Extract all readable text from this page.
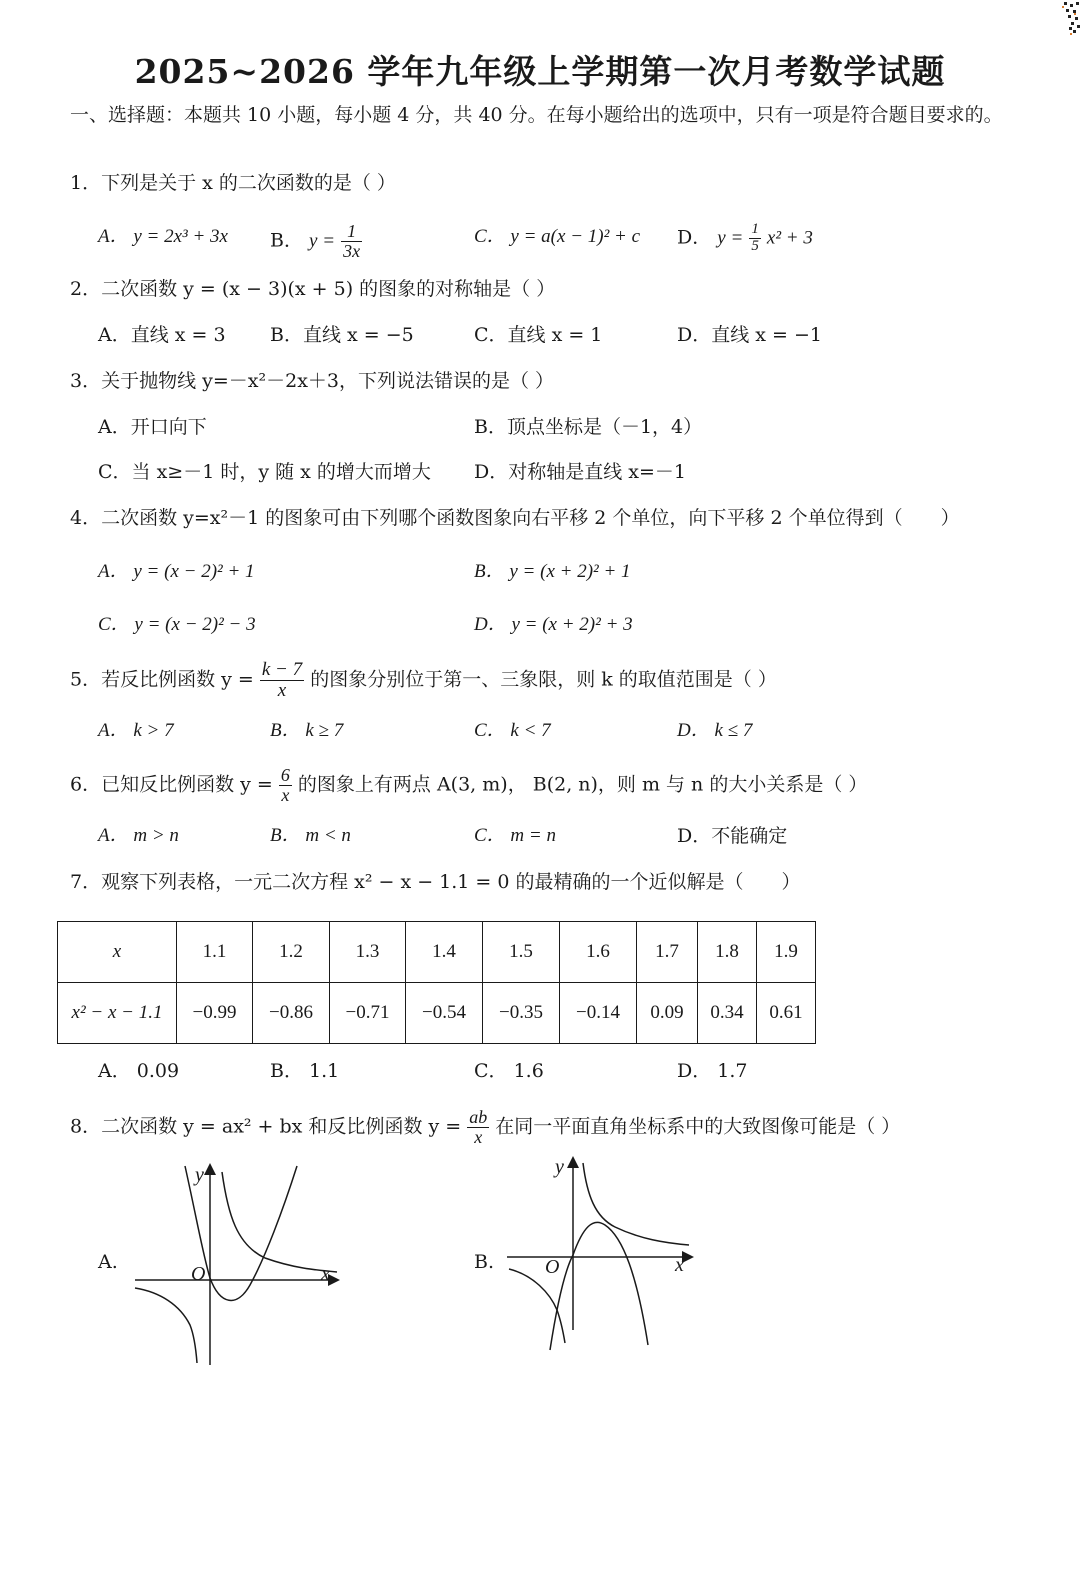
2025~2026 学年九年级上学期第一次月考数学试题
一、选择题：本题共 10 小题，每小题 4 分，共 40 分。在每小题给出的选项中，只有一项是符合题目要求的。
1．下列是关于 x 的二次函数的是（ ）
A． y = 2x³ + 3x B． $y = \frac{1}{3x}$	C． y = a(x − 1)² + c D． $y = \frac{1}{5} x^2 + 3$
2．二次函数 y = (x − 3)(x + 5) 的图象的对称轴是（ ）
A．直线 x = 3 B．直线 x = −5	C．直线 x = 1	D．直线 x = −1
3．关于抛物线 y=－x²－2x＋3，下列说法错误的是（ ）
A．开口向下	B．顶点坐标是（－1，4）
C．当 x≥－1 时，y 随 x 的增大而增大 D．对称轴是直线 x=－1
4．二次函数 y=x²－1 的图象可由下列哪个函数图象向右平移 2 个单位，向下平移 2 个单位得到（　　）
A． y = (x − 2)² + 1	B． y = (x + 2)² + 1
C． y = (x − 2)² − 3	D． y = (x + 2)² + 3
5．若反比例函数 $y = \frac{k - 7}{x}$ 的图象分别位于第一、三象限，则 k 的取值范围是（ ）
A． k > 7	B． k ≥ 7	C． k < 7	D． k ≤ 7
6．已知反比例函数 $y = \frac{6}{x}$ 的图象上有两点 A(3, m)， B(2, n)，则 m 与 n 的大小关系是（ ）
A． m > n	B． m < n	C． m = n	D．不能确定
7．观察下列表格，一元二次方程 x² − x − 1.1 = 0 的最精确的一个近似解是（　　）
x	1.1	1.2	1.3	1.4	1.5	1.6	1.7	1.8	1.9
x² − x − 1.1	−0.99	−0.86	−0.71	−0.54	−0.35	−0.14	0.09	0.34	0.61
A． 0.09	B． 1.1	C． 1.6	D． 1.7
8．二次函数 y = ax² + bx 和反比例函数 $y = \frac{ab}{x}$ 在同一平面直角坐标系中的大致图像可能是（ ）
A.	B.
O	x
y
O	x
y
